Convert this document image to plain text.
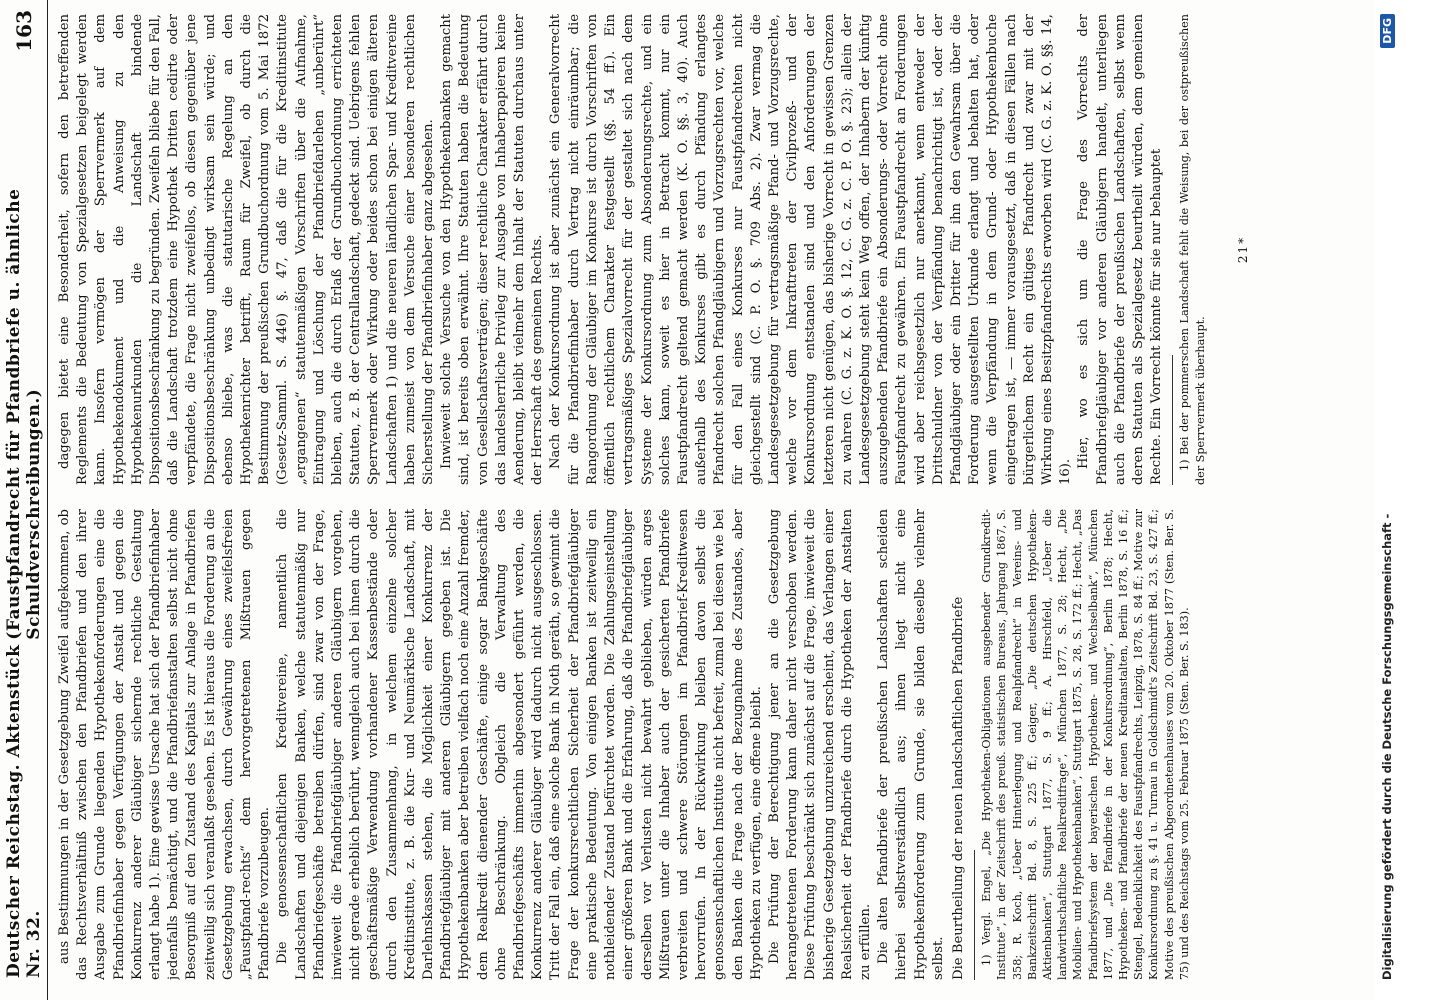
Deutscher Reichstag. Aktenstück Nr. 32.
(Faustpfandrecht für Pfandbriefe u. ähnliche Schuldverschreibungen.)
163

aus Bestimmungen in der Gesetzgebung Zweifel aufgekommen, ob das Rechtsverhältniß zwischen den Pfandbriefen und den ihrer Ausgabe zum Grunde liegenden Hypothekenforderungen eine die Pfandbriefinhaber gegen Verfügungen der Anstalt und gegen die Konkurrenz anderer Gläubiger sichernde rechtliche Gestaltung erlangt habe 1). Eine gewisse Ursache hat sich der Pfandbriefinhaber jedenfalls bemächtigt, und die Pfandbriefanstalten selbst nicht ohne Besorgniß auf den Zustand des Kapitals zur Anlage in Pfandbriefen zeitweilig sich veranlaßt gesehen. Es ist hieraus die Forderung an die Gesetzgebung erwachsen, durch Gewährung eines zweifelsfreien „Faustpfand-rechts“ dem hervorgetretenen Mißtrauen gegen Pfandbriefe vorzubeugen. Die genossenschaftlichen Kreditvereine, namentlich die Landschaften und diejenigen Banken, welche statutenmäßig nur Pfandbriefgeschäfte betreiben dürfen, sind zwar von der Frage, inwieweit die Pfandbriefgläubiger anderen Gläubigern vorgehen, nicht gerade erheblich berührt, wenngleich auch bei ihnen durch die geschäftsmäßige Verwendung vorhandener Kassenbestände oder durch den Zusammenhang, in welchem einzelne solcher Kreditinstitute, z. B. die Kur- und Neumärkische Landschaft, mit Darlehnskassen stehen, die Möglichkeit einer Konkurrenz der Pfandbriefgläubiger mit anderen Gläubigern gegeben ist. Die Hypothekenbanken aber betreiben vielfach noch eine Anzahl fremder, dem Realkredit dienender Geschäfte, einige sogar Bankgeschäfte ohne Beschränkung. Obgleich die Verwaltung des Pfandbriefgeschäfts immerhin abgesondert geführt werden, die Konkurrenz anderer Gläubiger wird dadurch nicht ausgeschlossen. Tritt der Fall ein, daß eine solche Bank in Noth geräth, so gewinnt die Frage der konkursrechtlichen Sicherheit der Pfandbriefgläubiger eine praktische Bedeutung. Von einigen Banken ist zeitweilig ein nothleidender Zustand befürchtet worden. Die Zahlungseinstellung einer größeren Bank und die Erfahrung, daß die Pfandbriefgläubiger derselben vor Verlusten nicht bewahrt geblieben, würden arges Mißtrauen unter die Inhaber auch der gesicherten Pfandbriefe verbreiten und schwere Störungen im Pfandbrief-Kreditwesen hervorrufen. In der Rückwirkung bleiben davon selbst die genossenschaftlichen Institute nicht befreit, zumal bei diesen wie bei den Banken die Frage nach der Bezugnahme des Zustandes, aber Hypotheken zu verfügen, eine offene bleibt. Die Prüfung der Berechtigung jener an die Gesetzgebung herangetretenen Forderung kann daher nicht verschoben werden. Diese Prüfung beschränkt sich zunächst auf die Frage, inwieweit die bisherige Gesetzgebung unzureichend erscheint, das Verlangen einer Realsicherheit der Pfandbriefe durch die Hypotheken der Anstalten zu erfüllen. Die alten Pfandbriefe der preußischen Landschaften scheiden hierbei selbstverständlich aus; ihnen liegt nicht eine Hypothekenforderung zum Grunde, sie bilden dieselbe vielmehr selbst. Die Beurtheilung der neuen landschaftlichen Pfandbriefe 1) Vergl. Engel, „Die Hypotheken-Obligationen ausgebender Grundkredit-Institute“, in der Zeitschrift des preuß. statistischen Bureaus, Jahrgang 1867, S. 358; R. Koch, „Ueber Hinterlegung und Realpfandrecht“ in Vereins- und Bankzeitschrift Bd. 8, S. 225 ff.; Geiger, „Die deutschen Hypotheken-Aktienbanken“, Stuttgart 1877, S. 9 ff.; A. Hirschfeld, „Ueber die landwirthschaftliche Realkreditfrage“, München 1877, S. 28; Hecht, „Die Mobilien- und Hypothekenbanken“, Stuttgart 1875, S. 28, S. 172 ff.; Hecht, „Das Pfandbriefsystem der bayerischen Hypotheken- und Wechselbank“, München 1877, und „Die Pfandbriefe in der Konkursordnung“, Berlin 1878; Hecht, Hypotheken- und Pfandbriefe der neuen Kreditanstalten, Berlin 1878, S. 16 ff.; Stengel, Bedenklichkeit des Faustpfandrechts, Leipzig, 1878, S. 84 ff.; Motive zur Konkursordnung zu §. 41 u. Turnau in Goldschmidt's Zeitschrift Bd. 23, S. 427 ff.; Motive des preußischen Abgeordnetenhauses vom 20. Oktober 1877 (Sten. Ber. S. 75) und des Reichstags vom 25. Februar 1875 (Sten. Ber. S. 183).

dagegen bietet eine Besonderheit, sofern den betreffenden Reglements die Bedeutung von Spezialgesetzen beigelegt werden kann. Insofern vermögen der Sperrvermerk auf dem Hypothekendokument und die Anweisung zu den Hypothekenurkunden die Landschaft bindende Dispositionsbeschränkung zu begründen. Zweifeln bliebe für den Fall, daß die Landschaft trotzdem eine Hypothek Dritten cedirte oder verpfändete, die Frage nicht zweifellos, ob diesen gegenüber jene Dispositionsbeschränkung unbedingt wirksam sein würde; und ebenso bliebe, was die statutarische Regelung an den Hypothekenrichter betrifft, Raum für Zweifel, ob durch die Bestimmung der preußischen Grundbuchordnung vom 5. Mai 1872 (Gesetz-Samml. S. 446) §. 47, daß die für die Kreditinstitute „ergangenen“ statutenmäßigen Vorschriften über die Aufnahme, Eintragung und Löschung der Pfandbriefdarlehen „unberührt“ bleiben, auch die durch Erlaß der Grundbuchordnung errichteten Statuten, z. B. der Centrallandschaft, gedeckt sind. Uebrigens fehlen Sperrvermerk oder Wirkung oder beides schon bei einigen älteren Landschaften 1) und die neueren ländlichen Spar- und Kreditvereine haben zumeist von dem Versuche einer besonderen rechtlichen Sicherstellung der Pfandbriefinhaber ganz abgesehen. Inwieweit solche Versuche von den Hypothekenbanken gemacht sind, ist bereits oben erwähnt. Ihre Statuten haben die Bedeutung von Gesellschaftsverträgen; dieser rechtliche Charakter erfährt durch das landesherrliche Privileg zur Ausgabe von Inhaberpapieren keine Aenderung, bleibt vielmehr dem Inhalt der Statuten durchaus unter der Herrschaft des gemeinen Rechts. Nach der Konkursordnung ist aber zunächst ein Generalvorrecht für die Pfandbriefinhaber durch Vertrag nicht einräumbar; die Rangordnung der Gläubiger im Konkurse ist durch Vorschriften von öffentlich rechtlichem Charakter festgestellt (§§. 54 ff.). Ein vertragsmäßiges Spezialvorrecht für der gestaltet sich nach dem Systeme der Konkursordnung zum Absonderungsrechte, und ein solches kann, soweit es hier in Betracht kommt, nur ein Faustpfandrecht geltend gemacht werden (K. O. §§. 3, 40). Auch außerhalb des Konkurses gibt es durch Pfändung erlangtes Pfandrecht solchen Pfandgläubigern und Vorzugsrechten vor, welche für den Fall eines Konkurses nur Faustpfandrechten nicht gleichgestellt sind (C. P. O. §. 709 Abs. 2). Zwar vermag die Landesgesetzgebung für vertragsmäßige Pfand- und Vorzugsrechte, welche vor dem Inkrafttreten der Civilprozeß- und der Konkursordnung entstanden sind und den Anforderungen der letzteren nicht genügen, das bisherige Vorrecht in gewissen Grenzen zu wahren (C. G. z. K. O. §. 12, C. G. z. C. P. O. §. 23); allein der Landesgesetzgebung steht kein Weg offen, der Inhabern der künftig auszugebenden Pfandbriefe ein Absonderungs- oder Vorrecht ohne Faustpfandrecht zu gewähren. Ein Faustpfandrecht an Forderungen wird aber reichsgesetzlich nur anerkannt, wenn entweder der Drittschuldner von der Verpfändung benachrichtigt ist, oder der Pfandgläubiger oder ein Dritter für ihn den Gewahrsam über die Forderung ausgestellten Urkunde erlangt und behalten hat, oder wenn die Verpfändung in dem Grund- oder Hypothekenbuche eingetragen ist, — immer vorausgesetzt, daß in diesen Fällen nach bürgerlichem Recht ein gültiges Pfandrecht und zwar mit der Wirkung eines Besitzpfandrechts erworben wird (C. G. z. K. O. §§. 14, 16).

Hier, wo es sich um die Frage des Vorrechts der Pfandbriefgläubiger vor anderen Gläubigern handelt, unterliegen auch die Pfandbriefe der preußischen Landschaften, selbst wenn deren Statuten als Spezialgesetz beurtheilt würden, dem gemeinen Rechte. Ein Vorrecht könnte für sie nur behauptet 1) Bei der pommerschen Landschaft fehlt die Weisung, bei der ostpreußischen der Sperrvermerk überhaupt.

21*
Digitalisierung gefördert durch die Deutsche Forschungsgemeinschaft -
DFG
